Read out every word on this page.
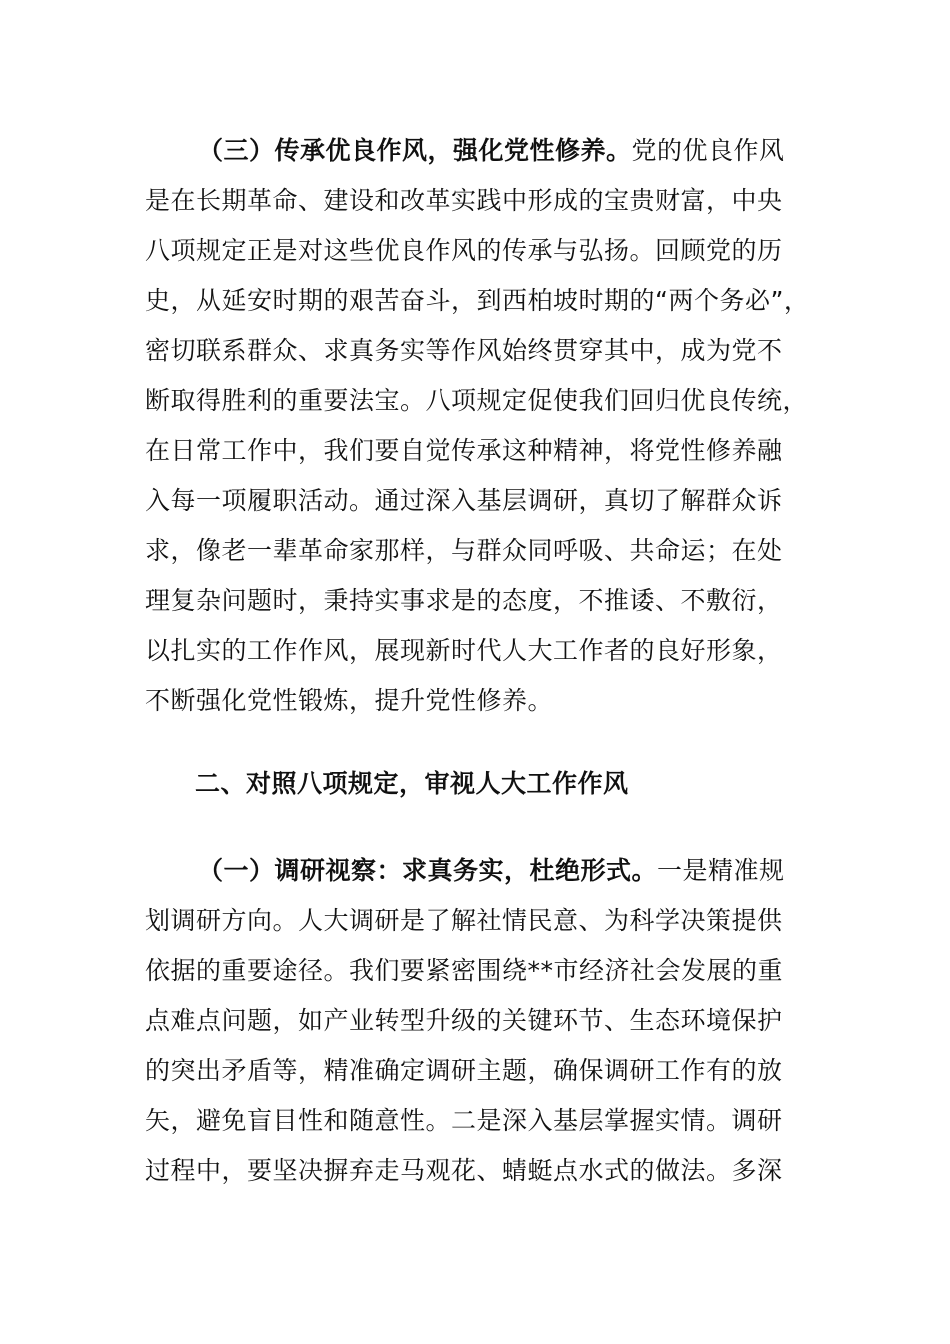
（三）传承优良作风，强化党性修养。党的优良作风
是在长期革命、建设和改革实践中形成的宝贵财富，中央
八项规定正是对这些优良作风的传承与弘扬。回顾党的历
史，从延安时期的艰苦奋斗，到西柏坡时期的“两个务必”，
密切联系群众、求真务实等作风始终贯穿其中，成为党不
断取得胜利的重要法宝。八项规定促使我们回归优良传统，
在日常工作中，我们要自觉传承这种精神，将党性修养融
入每一项履职活动。通过深入基层调研，真切了解群众诉
求，像老一辈革命家那样，与群众同呼吸、共命运；在处
理复杂问题时，秉持实事求是的态度，不推诿、不敷衍，
以扎实的工作作风，展现新时代人大工作者的良好形象，
不断强化党性锻炼，提升党性修养。
二、对照八项规定，审视人大工作作风
（一）调研视察：求真务实，杜绝形式。一是精准规
划调研方向。人大调研是了解社情民意、为科学决策提供
依据的重要途径。我们要紧密围绕**市经济社会发展的重
点难点问题，如产业转型升级的关键环节、生态环境保护
的突出矛盾等，精准确定调研主题，确保调研工作有的放
矢，避免盲目性和随意性。二是深入基层掌握实情。调研
过程中，要坚决摒弃走马观花、蜻蜓点水式的做法。多深
